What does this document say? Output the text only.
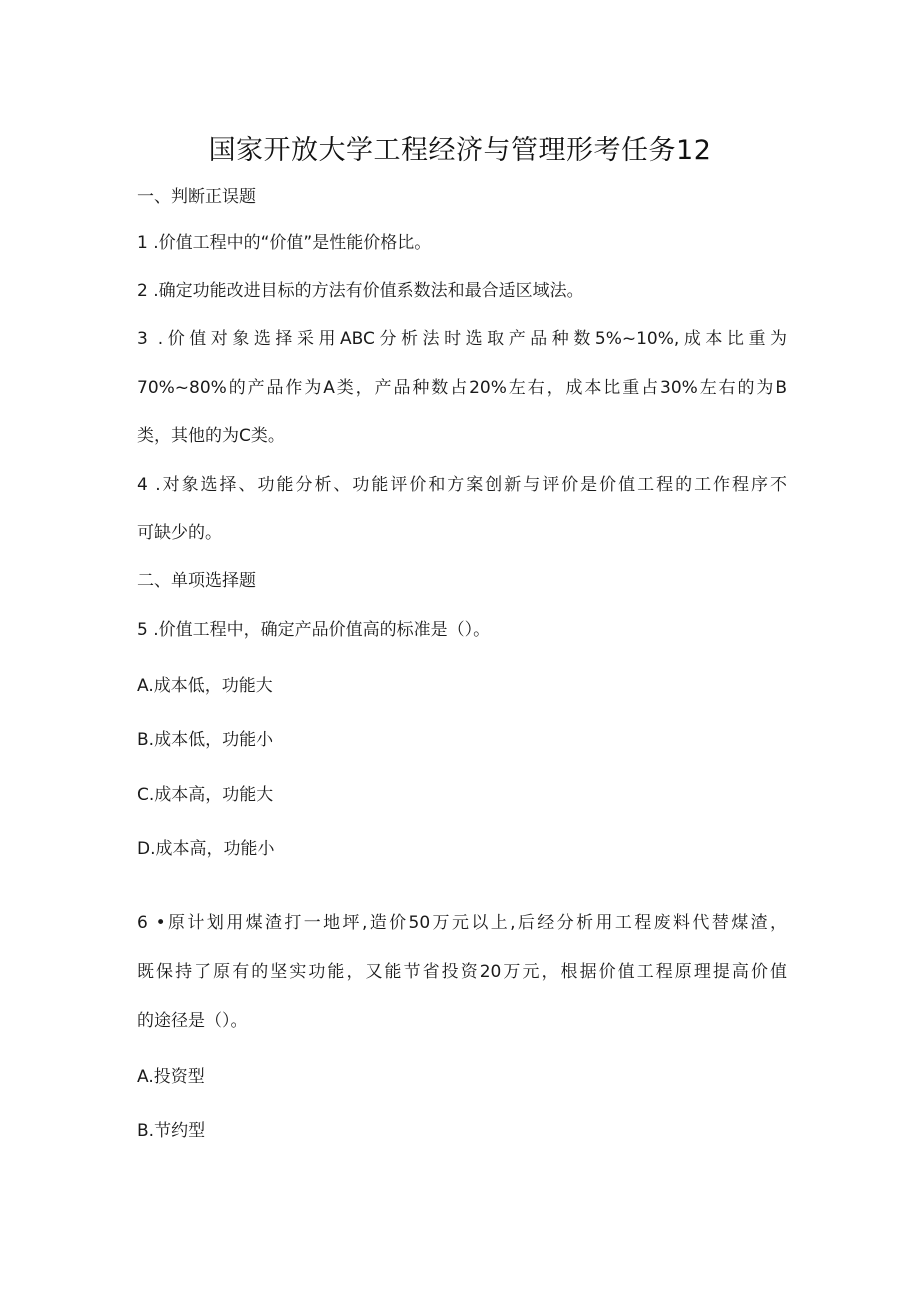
国家开放大学工程经济与管理形考任务12
一、判断正误题
1 .价值工程中的“价值”是性能价格比。
2 .确定功能改进目标的方法有价值系数法和最合适区域法。
3 .价值对象选择采用ABC分析法时选取产品种数5%~10%,成本比重为
70%~80%的产品作为A类，产品种数占20%左右，成本比重占30%左右的为B
类，其他的为C类。
4 .对象选择、功能分析、功能评价和方案创新与评价是价值工程的工作程序不
可缺少的。
二、单项选择题
5 .价值工程中，确定产品价值高的标准是（）。
A.成本低，功能大
B.成本低，功能小
C.成本高，功能大
D.成本高，功能小
6 •原计划用煤渣打一地坪,造价50万元以上,后经分析用工程废料代替煤渣，
既保持了原有的坚实功能，又能节省投资20万元，根据价值工程原理提高价值
的途径是（）。
A.投资型
B.节约型
